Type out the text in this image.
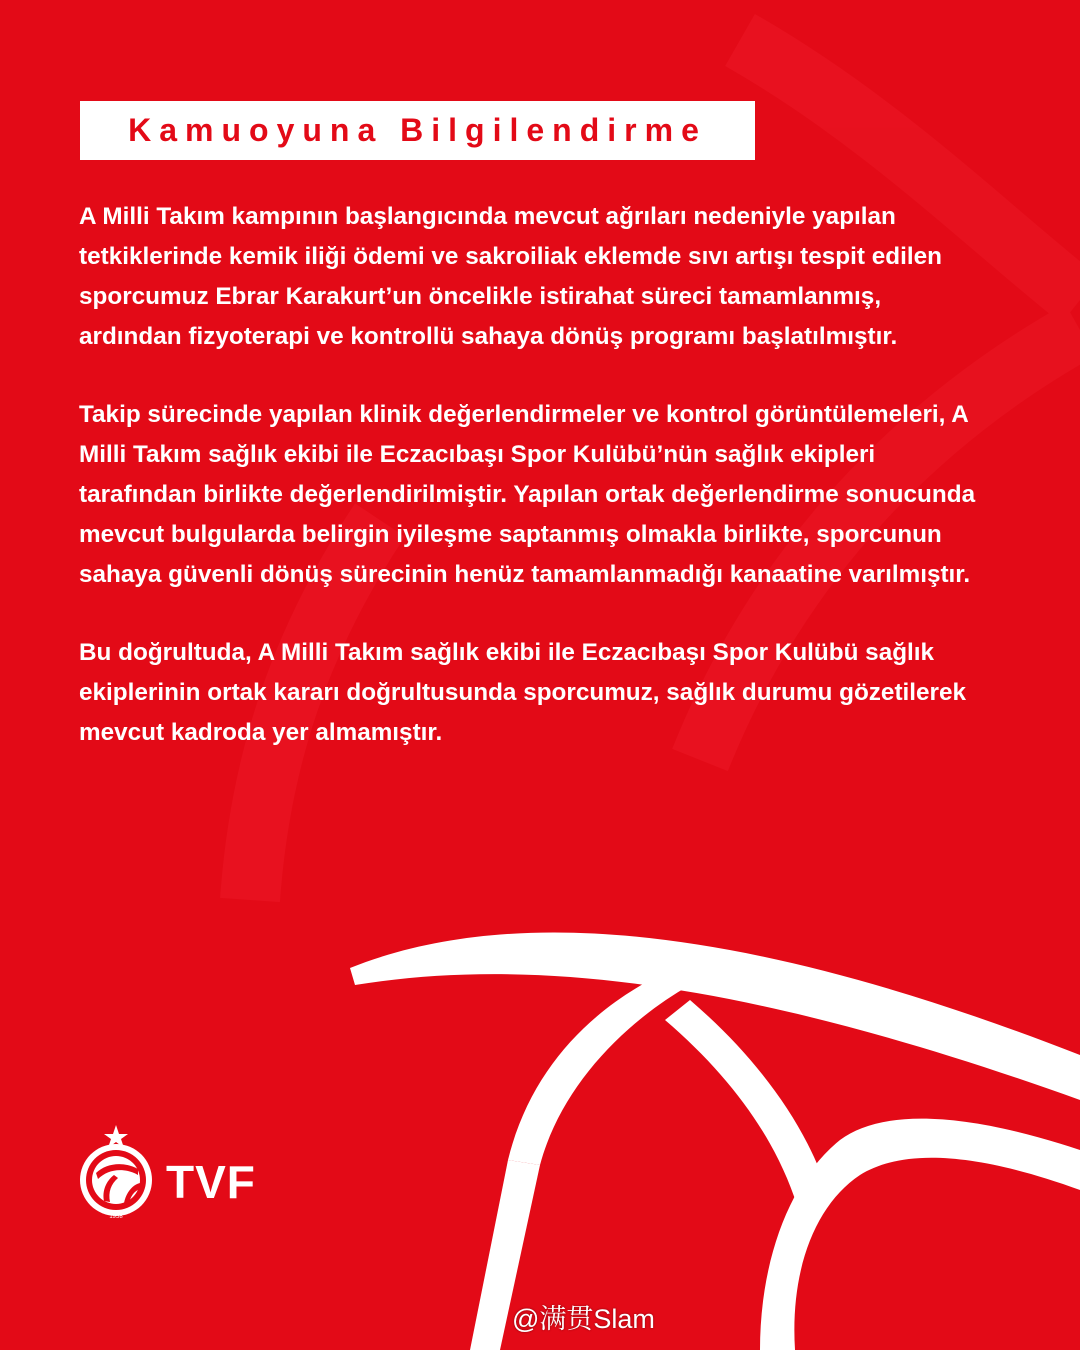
Kamuoyuna Bilgilendirme

A Milli Takım kampının başlangıcında mevcut ağrıları nedeniyle yapılan tetkiklerinde kemik iliği ödemi ve sakroiliak eklemde sıvı artışı tespit edilen sporcumuz Ebrar Karakurt’un öncelikle istirahat süreci tamamlanmış, ardından fizyoterapi ve kontrollü sahaya dönüş programı başlatılmıştır.

Takip sürecinde yapılan klinik değerlendirmeler ve kontrol görüntülemeleri, A Milli Takım sağlık ekibi ile Eczacıbaşı Spor Kulübü’nün sağlık ekipleri tarafından birlikte değerlendirilmiştir. Yapılan ortak değerlendirme sonucunda mevcut bulgularda belirgin iyileşme saptanmış olmakla birlikte, sporcunun sahaya güvenli dönüş sürecinin henüz tamamlanmadığı kanaatine varılmıştır.

Bu doğrultuda, A Milli Takım sağlık ekibi ile Eczacıbaşı Spor Kulübü sağlık ekiplerinin ortak kararı doğrultusunda sporcumuz, sağlık durumu gözetilerek mevcut kadroda yer almamıştır.

1958
TVF
@满贯Slam
